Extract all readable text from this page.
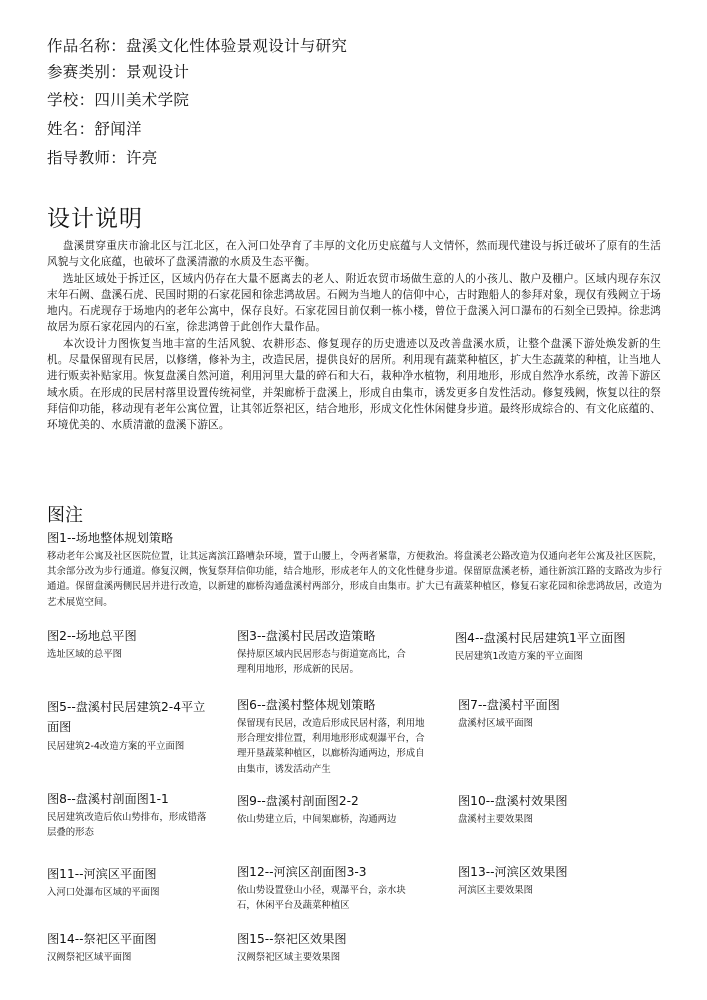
作品名称：盘溪文化性体验景观设计与研究
参赛类别：景观设计
学校：四川美术学院
姓名：舒闻洋
指导教师：许亮
设计说明

盘溪贯穿重庆市渝北区与江北区，在入河口处孕育了丰厚的文化历史底蕴与人文情怀，然而现代建设与拆迁破坏了原有的生活风貌与文化底蕴，也破坏了盘溪清澈的水质及生态平衡。

选址区域处于拆迁区，区域内仍存在大量不愿离去的老人、附近农贸市场做生意的人的小孩儿、散户及棚户。区域内现存东汉末年石阙、盘溪石虎、民国时期的石家花园和徐悲鸿故居。石阙为当地人的信仰中心，古时跑船人的参拜对象，现仅有残阙立于场地内。石虎现存于场地内的老年公寓中，保存良好。石家花园目前仅剩一栋小楼，曾位于盘溪入河口瀑布的石刻全已毁掉。徐悲鸿故居为原石家花园内的石室，徐悲鸿曾于此创作大量作品。

本次设计力图恢复当地丰富的生活风貌、农耕形态、修复现存的历史遗迹以及改善盘溪水质，让整个盘溪下游处焕发新的生机。尽量保留现有民居，以修缮，修补为主，改造民居，提供良好的居所。利用现有蔬菜种植区，扩大生态蔬菜的种植，让当地人进行贩卖补贴家用。恢复盘溪自然河道，利用河里大量的碎石和大石，栽种净水植物，利用地形，形成自然净水系统，改善下游区域水质。在形成的民居村落里设置传统祠堂，并架廊桥于盘溪上，形成自由集市，诱发更多自发性活动。修复残阙，恢复以往的祭拜信仰功能，移动现有老年公寓位置，让其邻近祭祀区，结合地形，形成文化性休闲健身步道。最终形成综合的、有文化底蕴的、环境优美的、水质清澈的盘溪下游区。

图注
图1--场地整体规划策略
移动老年公寓及社区医院位置，让其远离滨江路嘈杂环境，置于山腰上，令两者紧靠，方便救治。将盘溪老公路改造为仅通向老年公寓及社区医院，其余部分改为步行通道。修复汉阙，恢复祭拜信仰功能，结合地形，形成老年人的文化性健身步道。保留原盘溪老桥，通往新滨江路的支路改为步行通道。保留盘溪两侧民居并进行改造，以新建的廊桥沟通盘溪村两部分，形成自由集市。扩大已有蔬菜种植区，修复石家花园和徐悲鸿故居，改造为艺术展览空间。
图2--场地总平图
选址区域的总平图
图3--盘溪村民居改造策略
保持原区域内民居形态与街道宽高比，合理利用地形，形成新的民居。
图4--盘溪村民居建筑1平立面图
民居建筑1改造方案的平立面图
图5--盘溪村民居建筑2-4平立面图
民居建筑2-4改造方案的平立面图
图6--盘溪村整体规划策略
保留现有民居，改造后形成民居村落，利用地形合理安排位置，利用地形形成观瀑平台，合理开垦蔬菜种植区，以廊桥沟通两边，形成自由集市，诱发活动产生
图7--盘溪村平面图
盘溪村区域平面图
图8--盘溪村剖面图1-1
民居建筑改造后依山势排布，形成错落层叠的形态
图9--盘溪村剖面图2-2
依山势建立后，中间架廊桥，沟通两边
图10--盘溪村效果图
盘溪村主要效果图
图11--河滨区平面图
入河口处瀑布区域的平面图
图12--河滨区剖面图3-3
依山势设置登山小径，观瀑平台，亲水块石，休闲平台及蔬菜种植区
图13--河滨区效果图
河滨区主要效果图
图14--祭祀区平面图
汉阙祭祀区域平面图
图15--祭祀区效果图
汉阙祭祀区域主要效果图
